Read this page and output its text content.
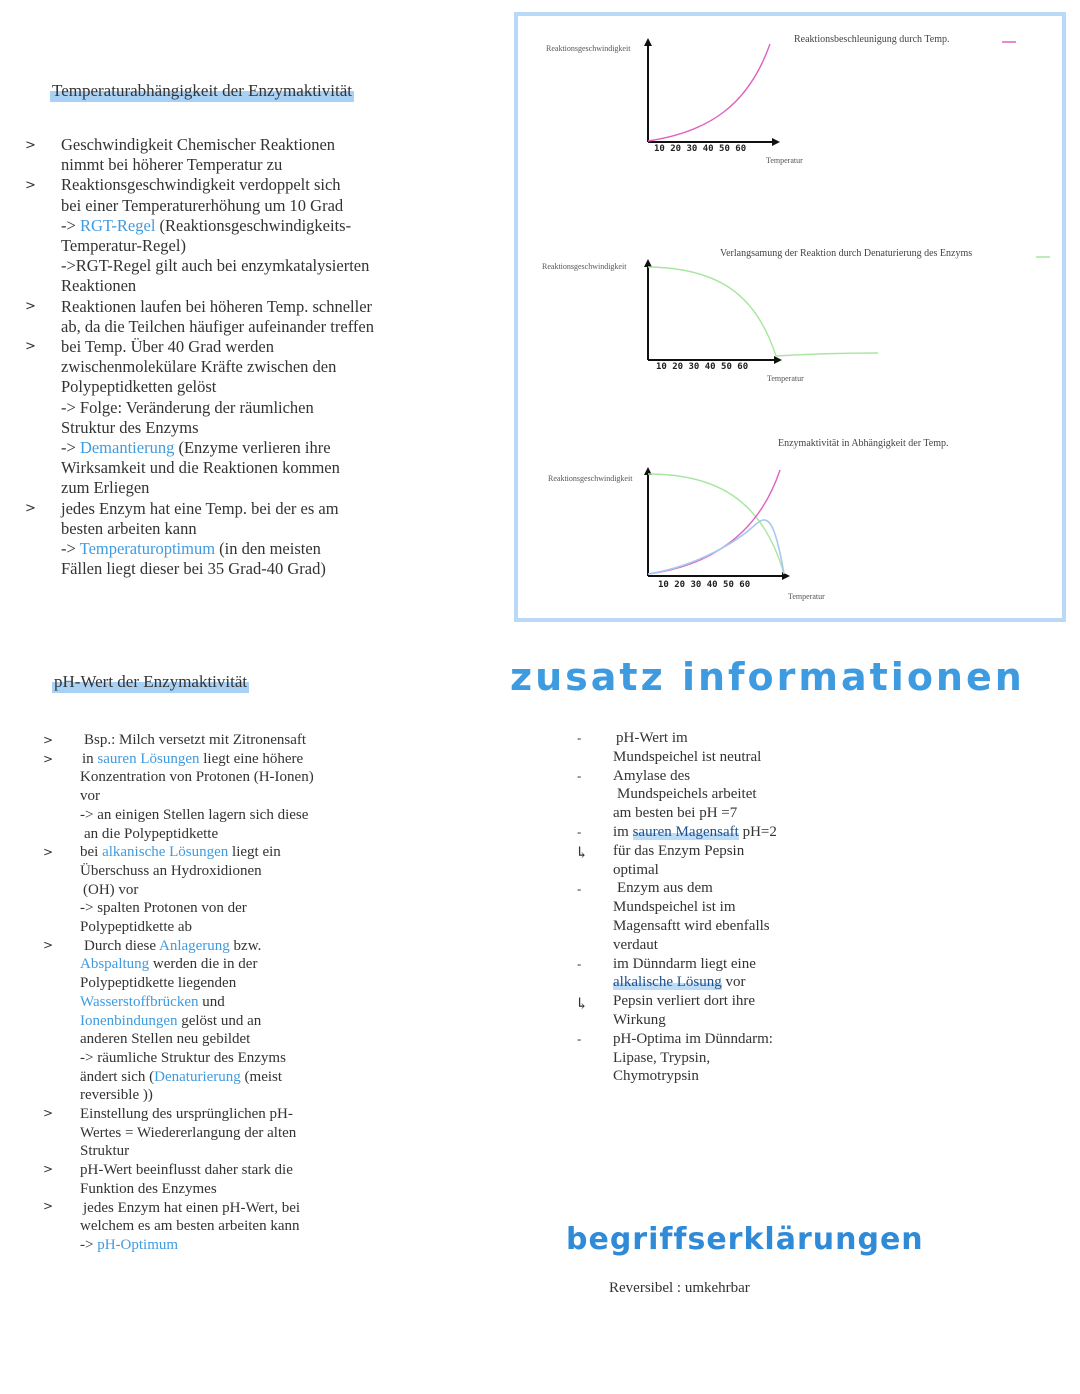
Temperaturabhängigkeit der Enzymaktivität
>
>
>
>
>
Geschwindigkeit Chemischer Reaktionen
nimmt bei höherer Temperatur zu
Reaktionsgeschwindigkeit verdoppelt sich
bei einer Temperaturerhöhung um 10 Grad
-> RGT-Regel (Reaktionsgeschwindigkeits-
Temperatur-Regel)
->RGT-Regel gilt auch bei enzymkatalysierten
Reaktionen
Reaktionen laufen bei höheren Temp. schneller
ab, da die Teilchen häufiger aufeinander treffen
bei Temp. Über 40 Grad werden
zwischenmolekülare Kräfte zwischen den
Polypeptidketten gelöst
-> Folge: Veränderung der räumlichen
Struktur des Enzyms
-> Demantierung (Enzyme verlieren ihre
Wirksamkeit und die Reaktionen kommen
zum Erliegen
jedes Enzym hat eine Temp. bei der es am
besten arbeiten kann
-> Temperaturoptimum (in den meisten
Fällen liegt dieser bei 35 Grad-40 Grad)
Reaktionsgeschwindigkeit
Reaktionsbeschleunigung durch Temp.
10 20 30 40 50 60
Temperatur
Reaktionsgeschwindigkeit
Verlangsamung der Reaktion durch Denaturierung des Enzyms
10 20 30 40 50 60
Temperatur
Reaktionsgeschwindigkeit
Enzymaktivität in Abhängigkeit der Temp.
10 20 30 40 50 60
Temperatur
pH-Wert der Enzymaktivität
>
>
>
>
>
>
>
Bsp.: Milch versetzt mit Zitronensaft
in sauren Lösungen liegt eine höhere
Konzentration von Protonen (H-Ionen)
vor
-> an einigen Stellen lagern sich diese
an die Polypeptidkette
bei alkanische Lösungen liegt ein
Überschuss an Hydroxidionen
(OH) vor
-> spalten Protonen von der
Polypeptidkette ab
Durch diese Anlagerung bzw.
Abspaltung werden die in der
Polypeptidkette liegenden
Wasserstoffbrücken und
Ionenbindungen gelöst und an
anderen Stellen neu gebildet
-> räumliche Struktur des Enzyms
ändert sich (Denaturierung (meist
reversible ))
Einstellung des ursprünglichen pH-
Wertes = Wiedererlangung der alten
Struktur
pH-Wert beeinflusst daher stark die
Funktion des Enzymes
jedes Enzym hat einen pH-Wert, bei
welchem es am besten arbeiten kann
-> pH-Optimum
zusatz informationen
-
-
-
↳
-
-
↳
-
pH-Wert im
Mundspeichel ist neutral
Amylase des
Mundspeichels arbeitet
am besten bei pH =7
im sauren Magensaft pH=2
für das Enzym Pepsin
optimal
Enzym aus dem
Mundspeichel ist im
Magensaftt wird ebenfalls
verdaut
im Dünndarm liegt eine
alkalische Lösung vor
Pepsin verliert dort ihre
Wirkung
pH-Optima im Dünndarm:
Lipase, Trypsin,
Chymotrypsin
begriffserklärungen
Reversibel : umkehrbar
